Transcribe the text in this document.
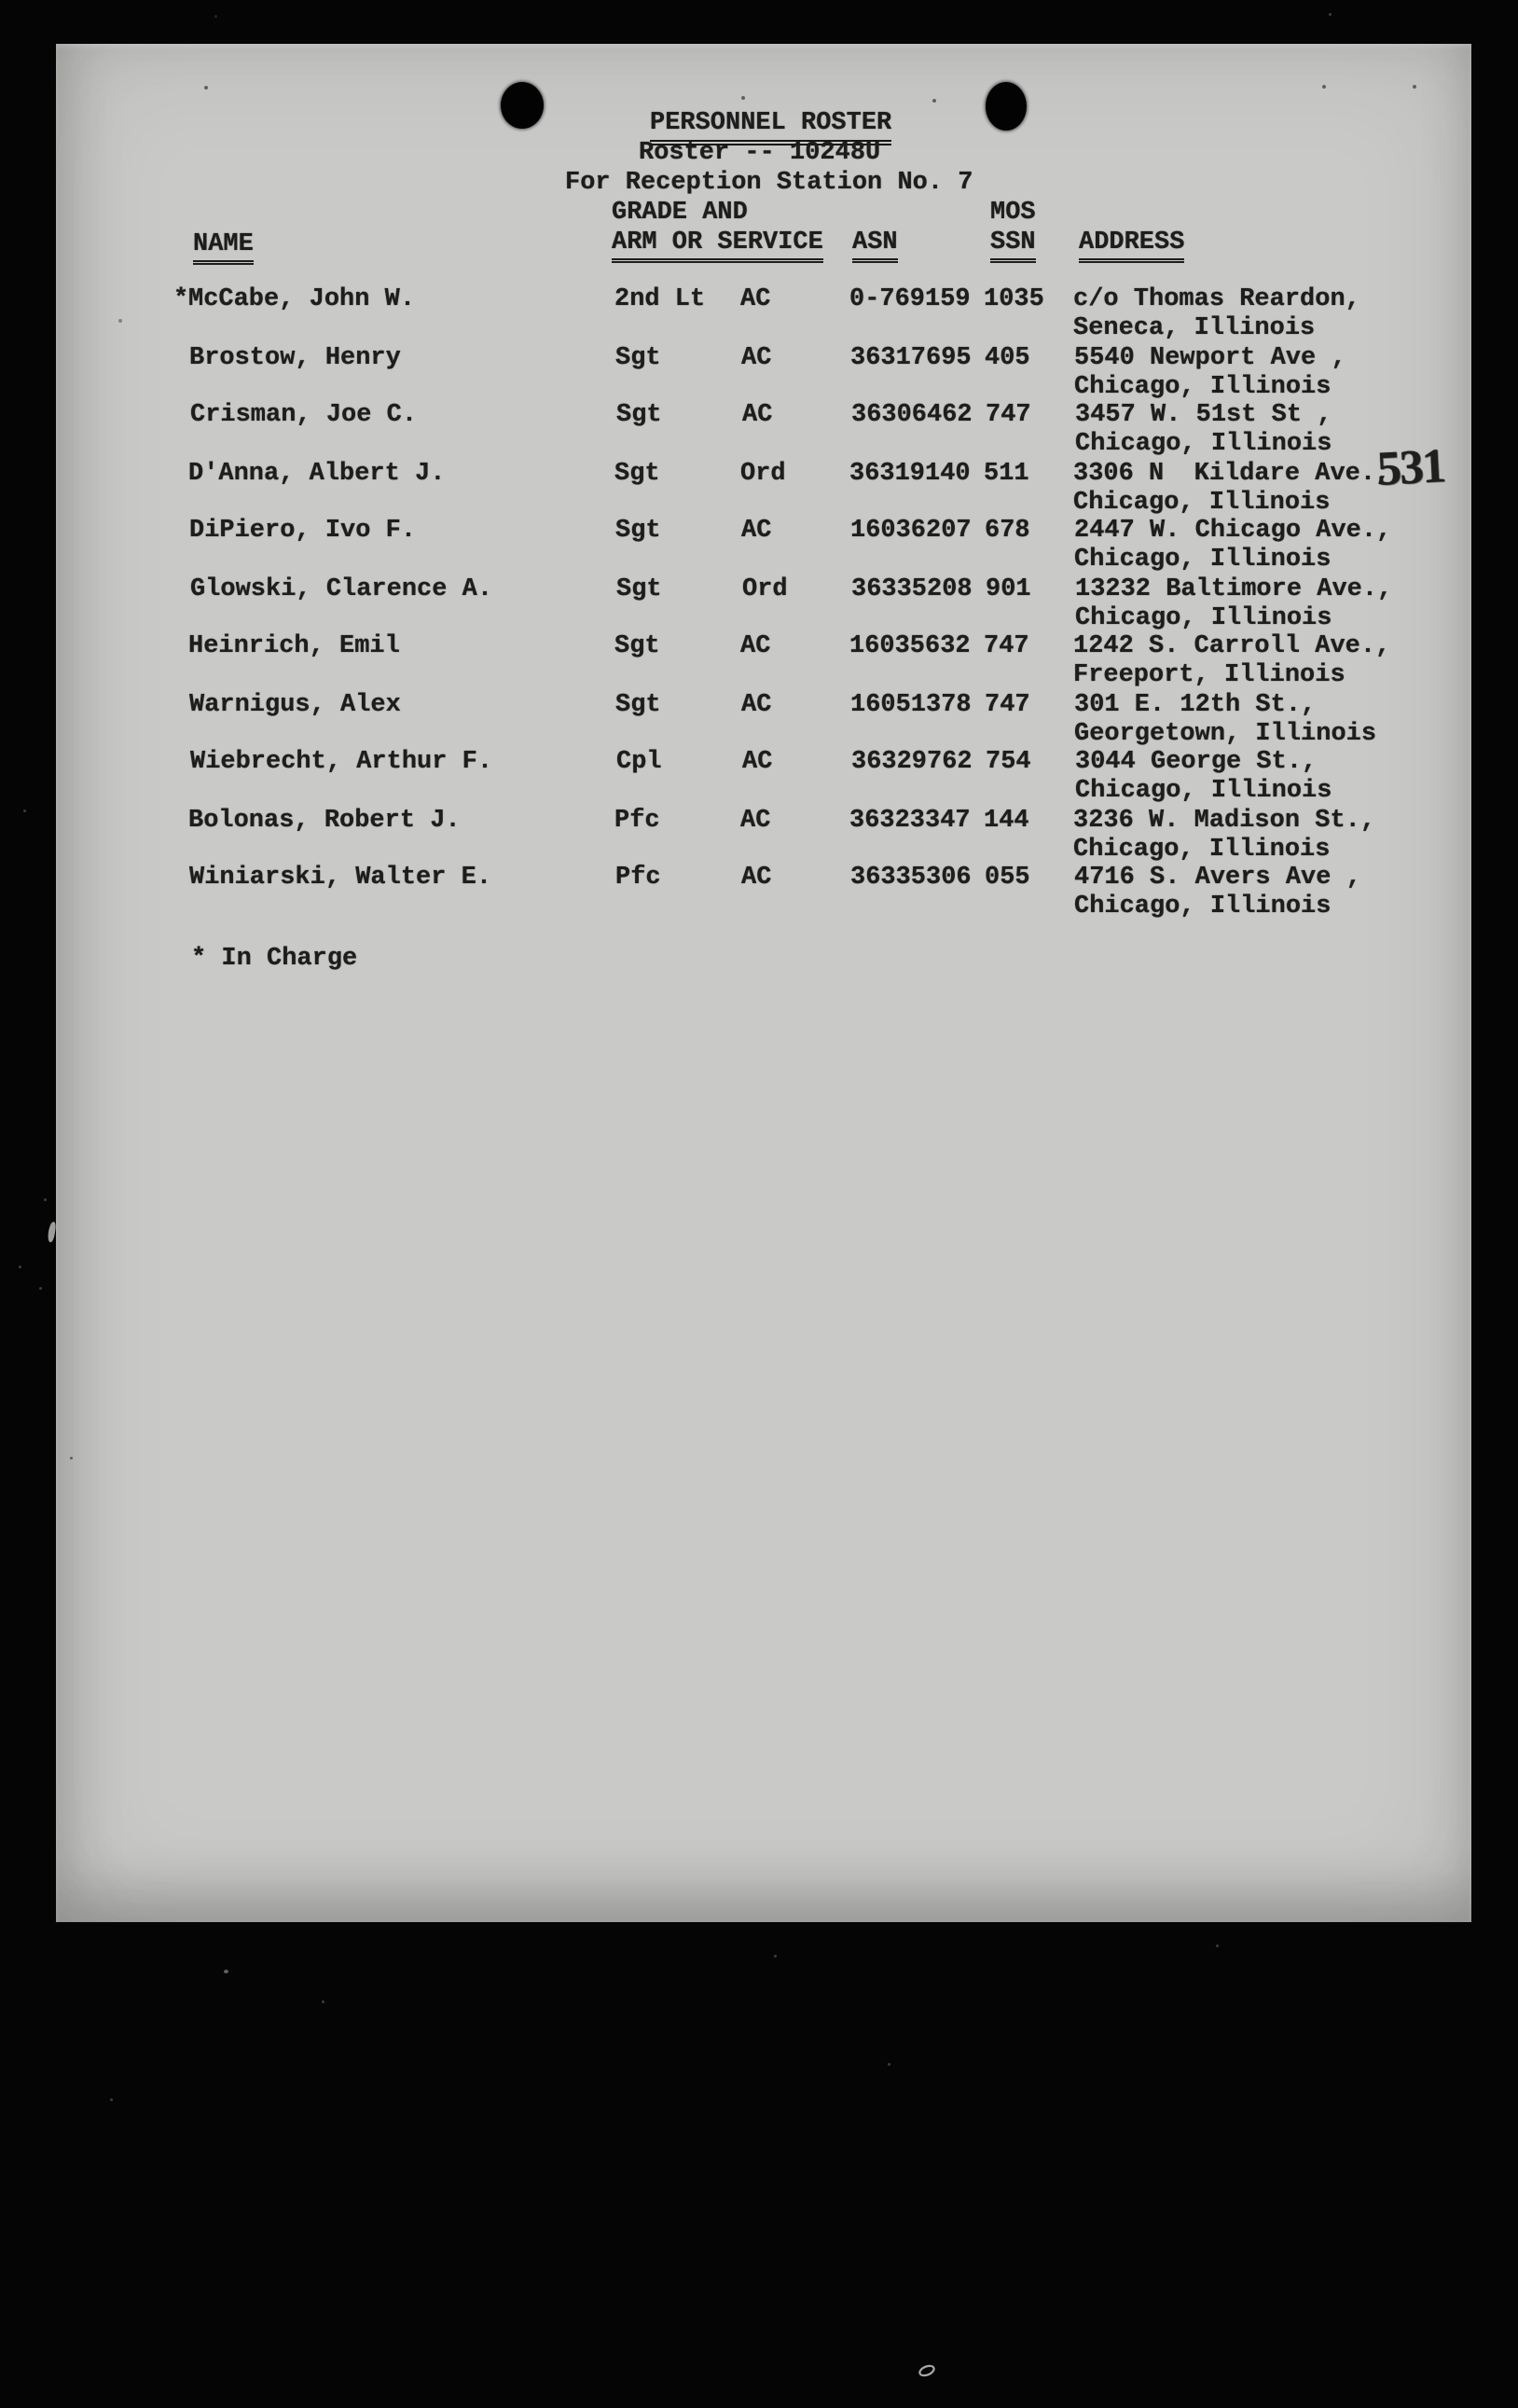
PERSONNEL ROSTER
Roster -- 10248U
For Reception Station No. 7
GRADE AND	MOS
NAME	ARM OR SERVICE ASN	SSN ADDRESS
* McCabe, John W.	2nd Lt AC	0-769159 1035 c/o Thomas Reardon,
Seneca, Illinois
Brostow, Henry	Sgt	AC	36317695 405 5540 Newport Ave ,
Chicago, Illinois
Crisman, Joe C.	Sgt	AC	36306462 747 3457 W. 51st St ,
Chicago, Illinois
D'Anna, Albert J.	Sgt	Ord	36319140 511 3306 N  Kildare Ave.,
Chicago, Illinois
DiPiero, Ivo F.	Sgt	AC	16036207 678 2447 W. Chicago Ave.,
Chicago, Illinois
Glowski, Clarence A.	Sgt	Ord	36335208 901 13232 Baltimore Ave.,
Chicago, Illinois
Heinrich, Emil	Sgt	AC	16035632 747 1242 S. Carroll Ave.,
Freeport, Illinois
Warnigus, Alex	Sgt	AC	16051378 747 301 E. 12th St.,
Georgetown, Illinois
Wiebrecht, Arthur F.	Cpl	AC	36329762 754 3044 George St.,
Chicago, Illinois
Bolonas, Robert J.	Pfc	AC	36323347 144 3236 W. Madison St.,
Chicago, Illinois
Winiarski, Walter E.	Pfc	AC	36335306 055 4716 S. Avers Ave ,
Chicago, Illinois
* In Charge
531
